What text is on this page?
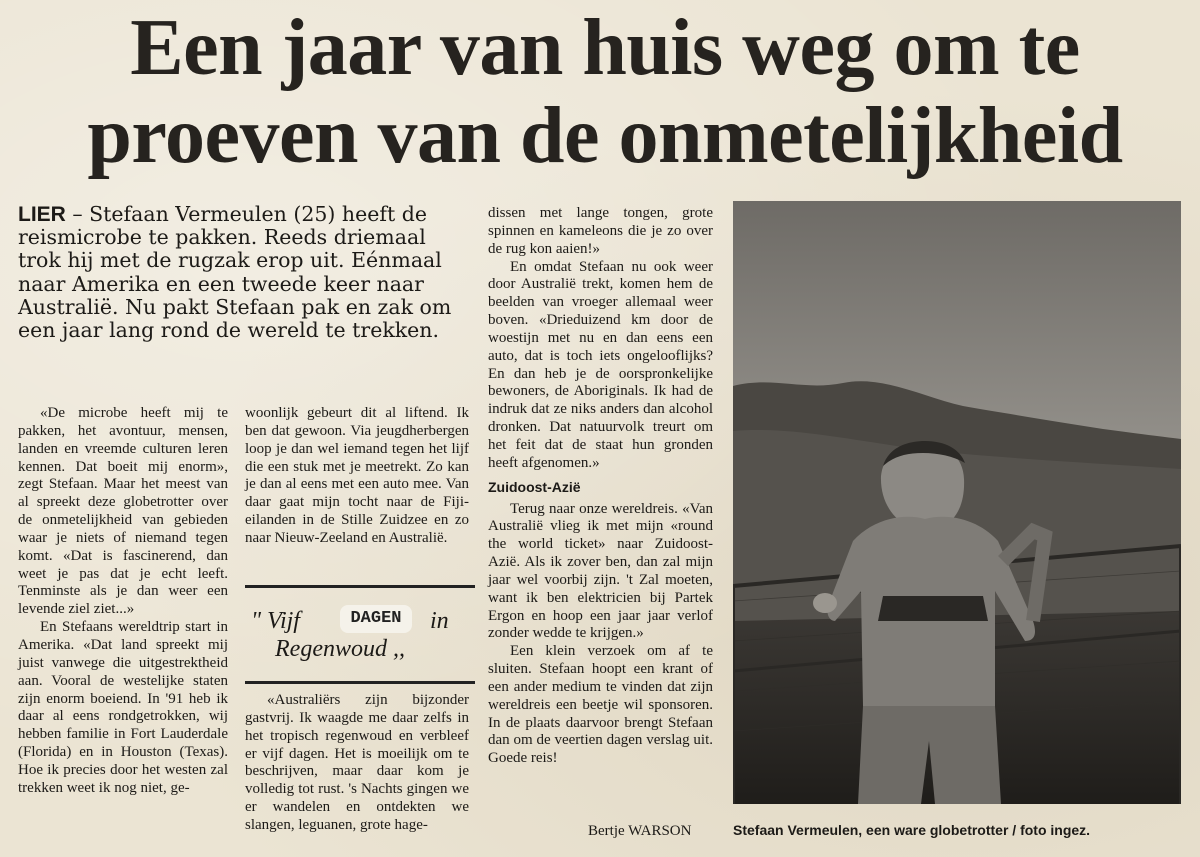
Een jaar van huis weg om te
proeven van de onmetelijkheid
LIER – Stefaan Vermeulen (25) heeft de reismicrobe te pakken. Reeds driemaal trok hij met de rugzak erop uit. Eénmaal naar Amerika en een tweede keer naar Australië. Nu pakt Stefaan pak en zak om een jaar lang rond de wereld te trekken.

«De microbe heeft mij te pakken, het avontuur, mensen, landen en vreemde culturen leren kennen. Dat boeit mij enorm», zegt Stefaan. Maar het meest van al spreekt deze globetrotter over de onmetelijkheid van gebieden waar je niets of niemand tegen komt. «Dat is fascinerend, dan weet je pas dat je echt leeft. Tenminste als je dan weer een levende ziel ziet...»

En Stefaans wereldtrip start in Amerika. «Dat land spreekt mij juist vanwege die uitgestrektheid aan. Vooral de westelijke staten zijn enorm boeiend. In '91 heb ik daar al eens rondgetrokken, wij hebben familie in Fort Lauderdale (Florida) en in Houston (Texas). Hoe ik precies door het westen zal trekken weet ik nog niet, ge-

woonlijk gebeurt dit al liftend. Ik ben dat gewoon. Via jeugdherbergen loop je dan wel iemand tegen het lijf die een stuk met je meetrekt. Zo kan je dan al eens met een auto mee. Van daar gaat mijn tocht naar de Fiji-eilanden in de Stille Zuidzee en zo naar Nieuw-Zeeland en Australië.

" Vijf	DAGEN	in
Regenwoud ,,

«Australiërs zijn bijzonder gastvrij. Ik waagde me daar zelfs in het tropisch regenwoud en verbleef er vijf dagen. Het is moeilijk om te beschrijven, maar daar kom je volledig tot rust. 's Nachts gingen we er wandelen en ontdekten we slangen, leguanen, grote hage-

dissen met lange tongen, grote spinnen en kameleons die je zo over de rug kon aaien!»

En omdat Stefaan nu ook weer door Australië trekt, komen hem de beelden van vroeger allemaal weer boven. «Drieduizend km door de woestijn met nu en dan eens een auto, dat is toch iets ongelooflijks? En dan heb je de oorspronkelijke bewoners, de Aboriginals. Ik had de indruk dat ze niks anders dan alcohol dronken. Dat natuurvolk treurt om het feit dat de staat hun gronden heeft afgenomen.»

Zuidoost-Azië

Terug naar onze wereldreis. «Van Australië vlieg ik met mijn «round the world ticket» naar Zuidoost-Azië. Als ik zover ben, dan zal mijn jaar wel voorbij zijn. 't Zal moeten, want ik ben elektricien bij Partek Ergon en hoop een jaar jaar verlof zonder wedde te krijgen.»

Een klein verzoek om af te sluiten. Stefaan hoopt een krant of een ander medium te vinden dat zijn wereldreis een beetje wil sponsoren. In de plaats daarvoor brengt Stefaan dan om de veertien dagen verslag uit. Goede reis!

Bertje WARSON	Stefaan Vermeulen, een ware globetrotter / foto ingez.
